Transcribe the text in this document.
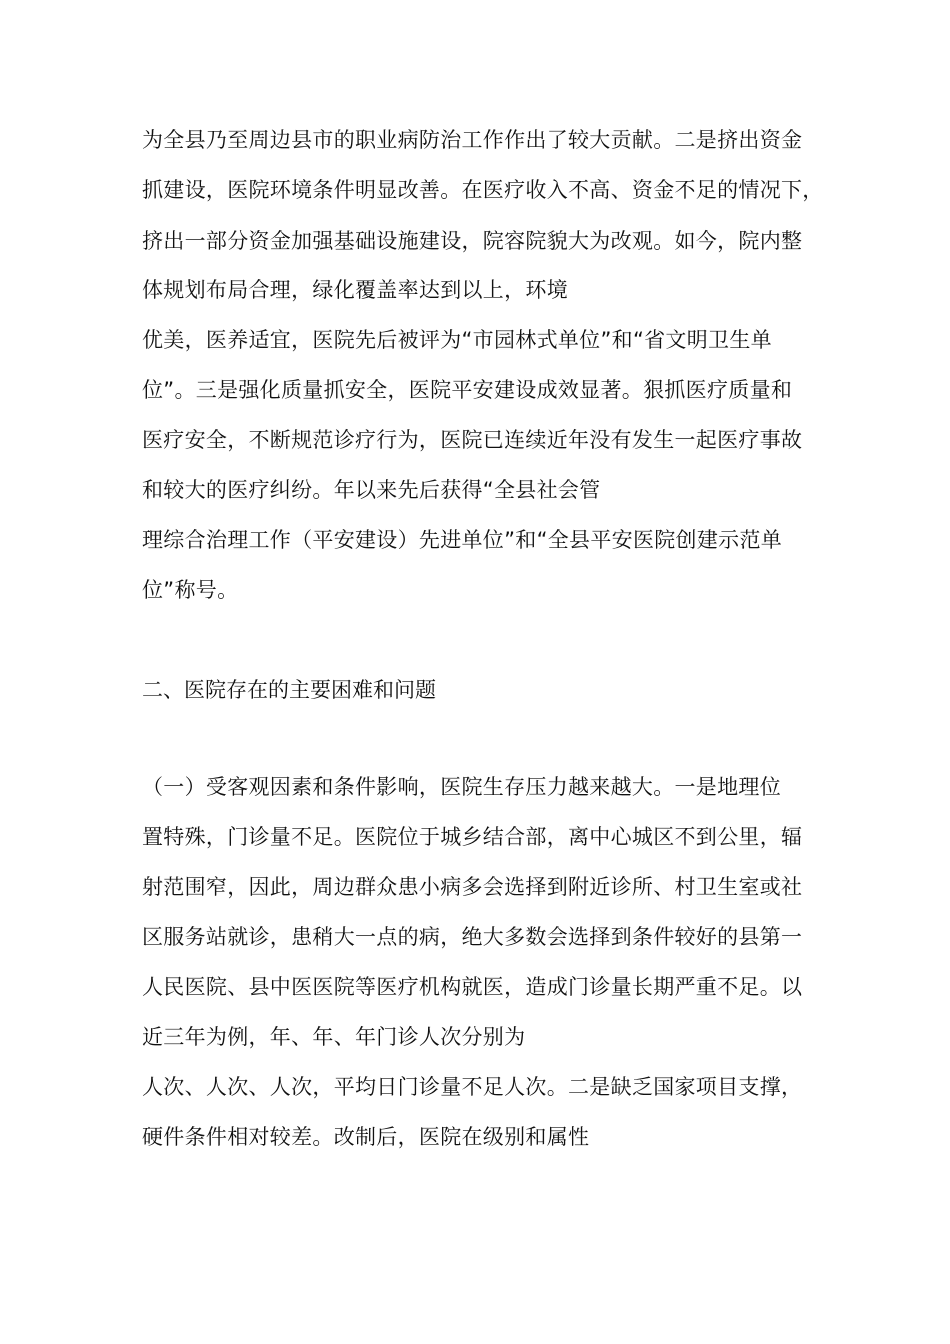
为全县乃至周边县市的职业病防治工作作出了较大贡献。二是挤出资金
抓建设，医院环境条件明显改善。在医疗收入不高、资金不足的情况下，
挤出一部分资金加强基础设施建设，院容院貌大为改观。如今，院内整
体规划布局合理，绿化覆盖率达到以上，环境
优美，医养适宜，医院先后被评为“市园林式单位”和“省文明卫生单
位”。三是强化质量抓安全，医院平安建设成效显著。狠抓医疗质量和
医疗安全，不断规范诊疗行为，医院已连续近年没有发生一起医疗事故
和较大的医疗纠纷。年以来先后获得“全县社会管
理综合治理工作（平安建设）先进单位”和“全县平安医院创建示范单
位”称号。
二、医院存在的主要困难和问题
（一）受客观因素和条件影响，医院生存压力越来越大。一是地理位
置特殊，门诊量不足。医院位于城乡结合部，离中心城区不到公里，辐
射范围窄，因此，周边群众患小病多会选择到附近诊所、村卫生室或社
区服务站就诊，患稍大一点的病，绝大多数会选择到条件较好的县第一
人民医院、县中医医院等医疗机构就医，造成门诊量长期严重不足。以
近三年为例，年、年、年门诊人次分别为
人次、人次、人次，平均日门诊量不足人次。二是缺乏国家项目支撑，
硬件条件相对较差。改制后，医院在级别和属性
